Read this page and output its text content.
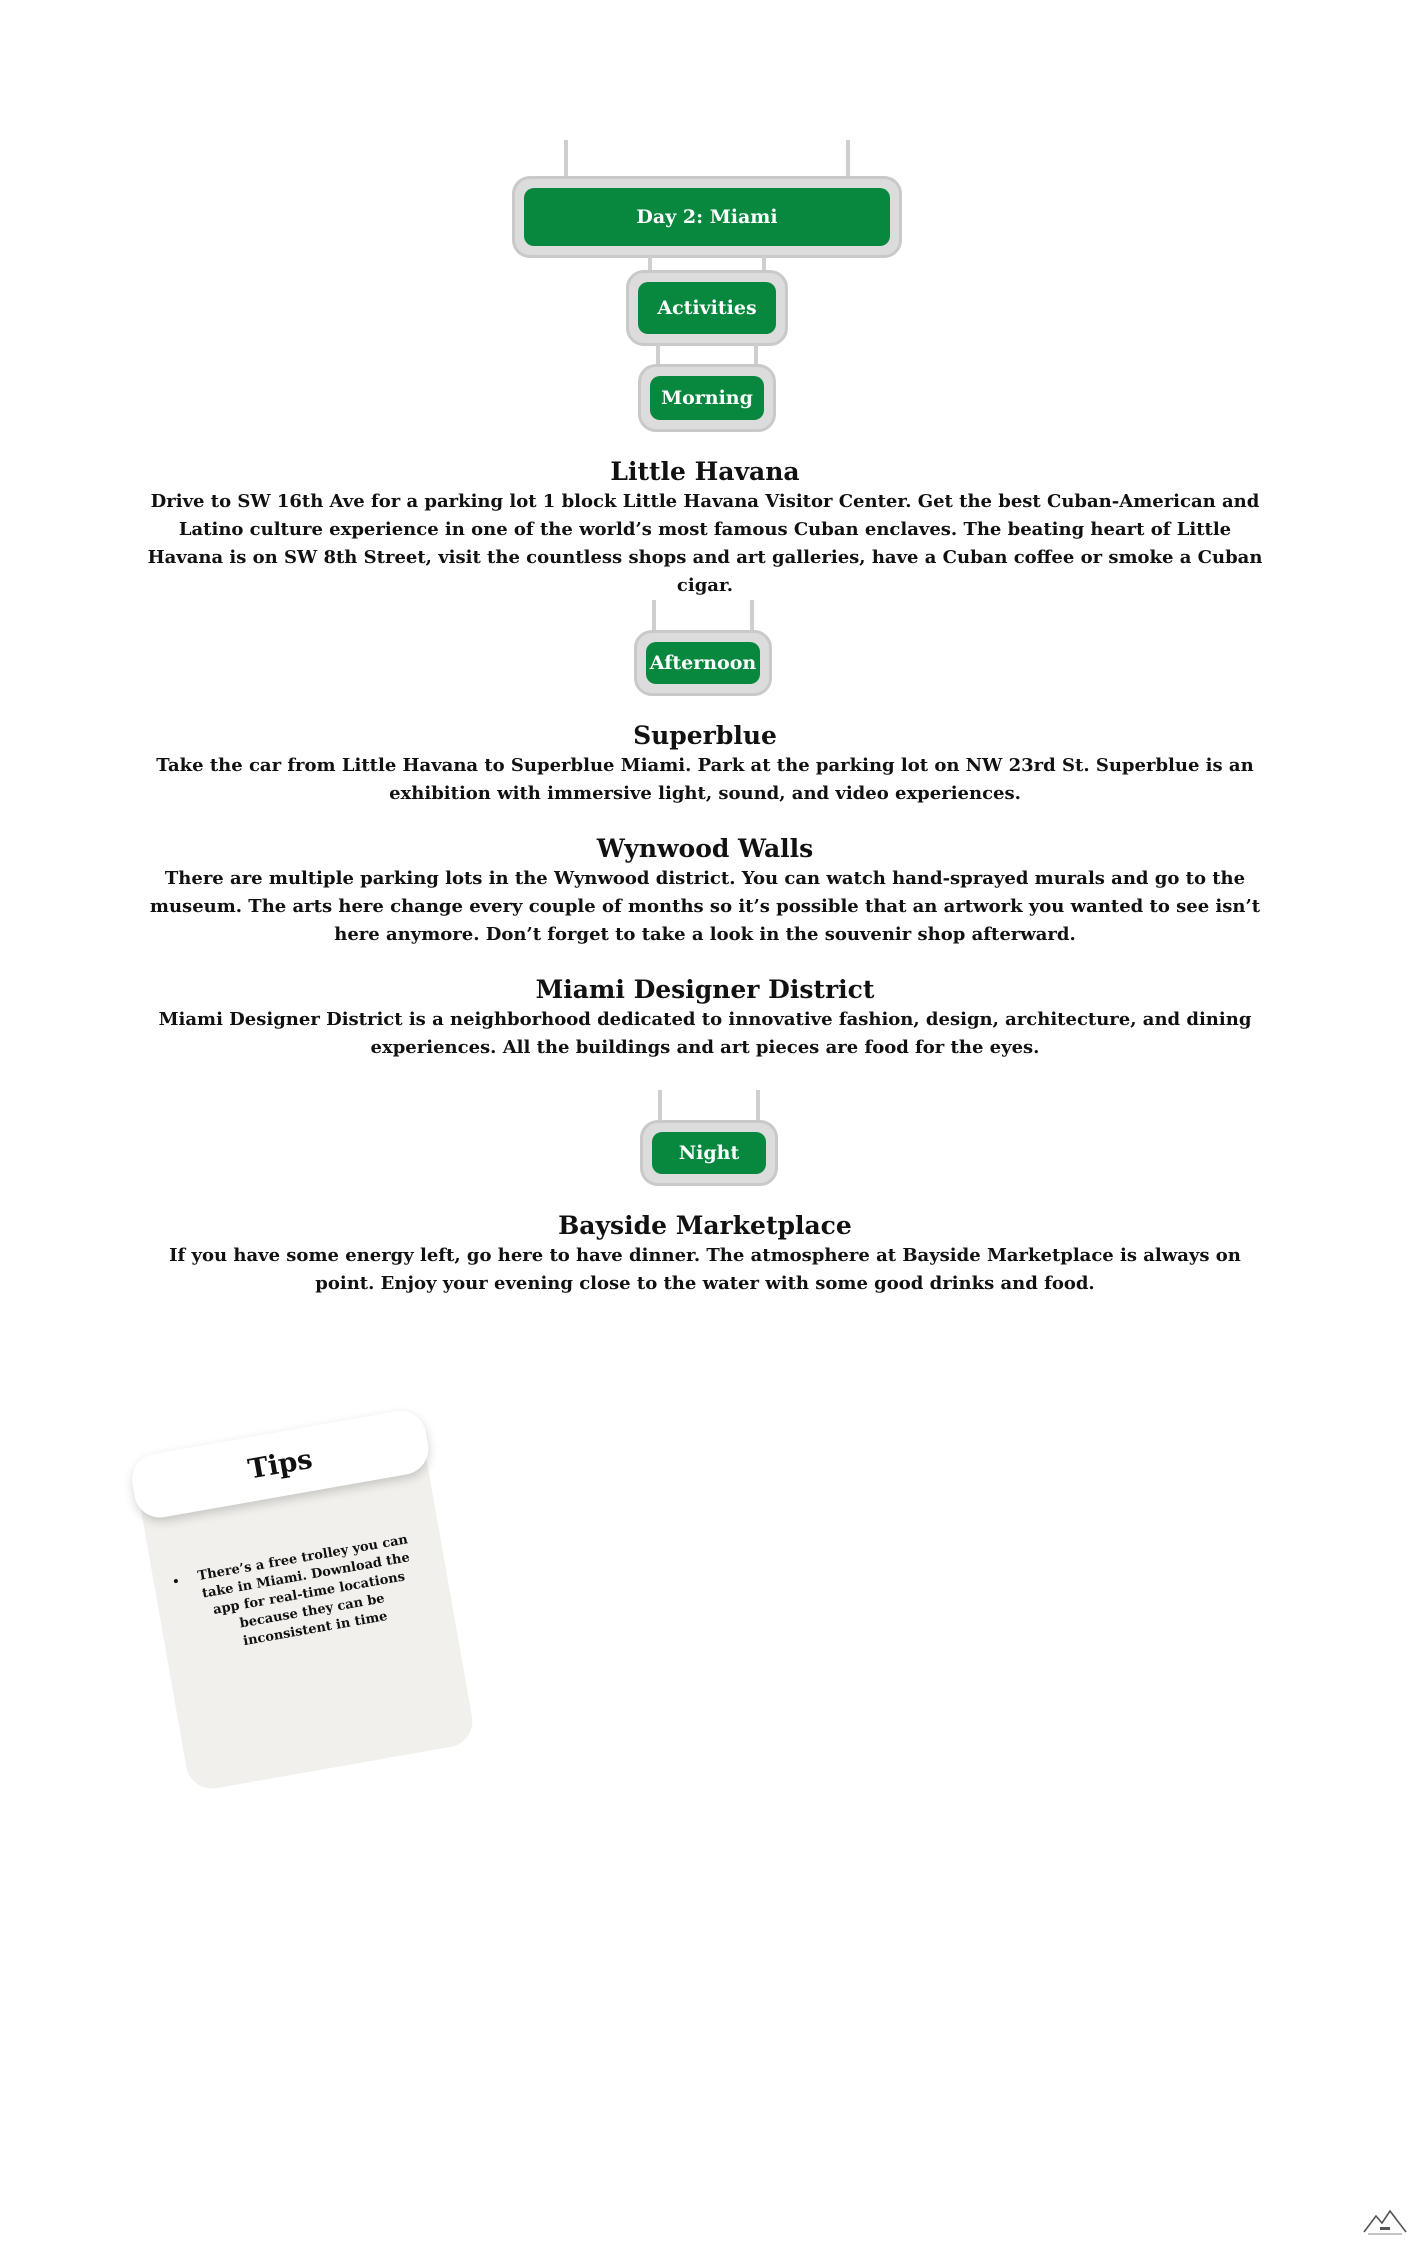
Day 2: Miami
Activities
Morning
Little Havana

Drive to SW 16th Ave for a parking lot 1 block Little Havana Visitor Center. Get the best Cuban-American and Latino culture experience in one of the world’s most famous Cuban enclaves. The beating heart of Little Havana is on SW 8th Street, visit the countless shops and art galleries, have a Cuban coffee or smoke a Cuban cigar.

Afternoon
Superblue

Take the car from Little Havana to Superblue Miami. Park at the parking lot on NW 23rd St. Superblue is an exhibition with immersive light, sound, and video experiences.

Wynwood Walls

There are multiple parking lots in the Wynwood district. You can watch hand-sprayed murals and go to the museum. The arts here change every couple of months so it’s possible that an artwork you wanted to see isn’t here anymore. Don’t forget to take a look in the souvenir shop afterward.

Miami Designer District

Miami Designer District is a neighborhood dedicated to innovative fashion, design, architecture, and dining experiences. All the buildings and art pieces are food for the eyes.

Night
Bayside Marketplace

If you have some energy left, go here to have dinner. The atmosphere at Bayside Marketplace is always on point. Enjoy your evening close to the water with some good drinks and food.

Tips
• There’s a free trolley you can take in Miami. Download the app for real-time locations because they can be inconsistent in time
